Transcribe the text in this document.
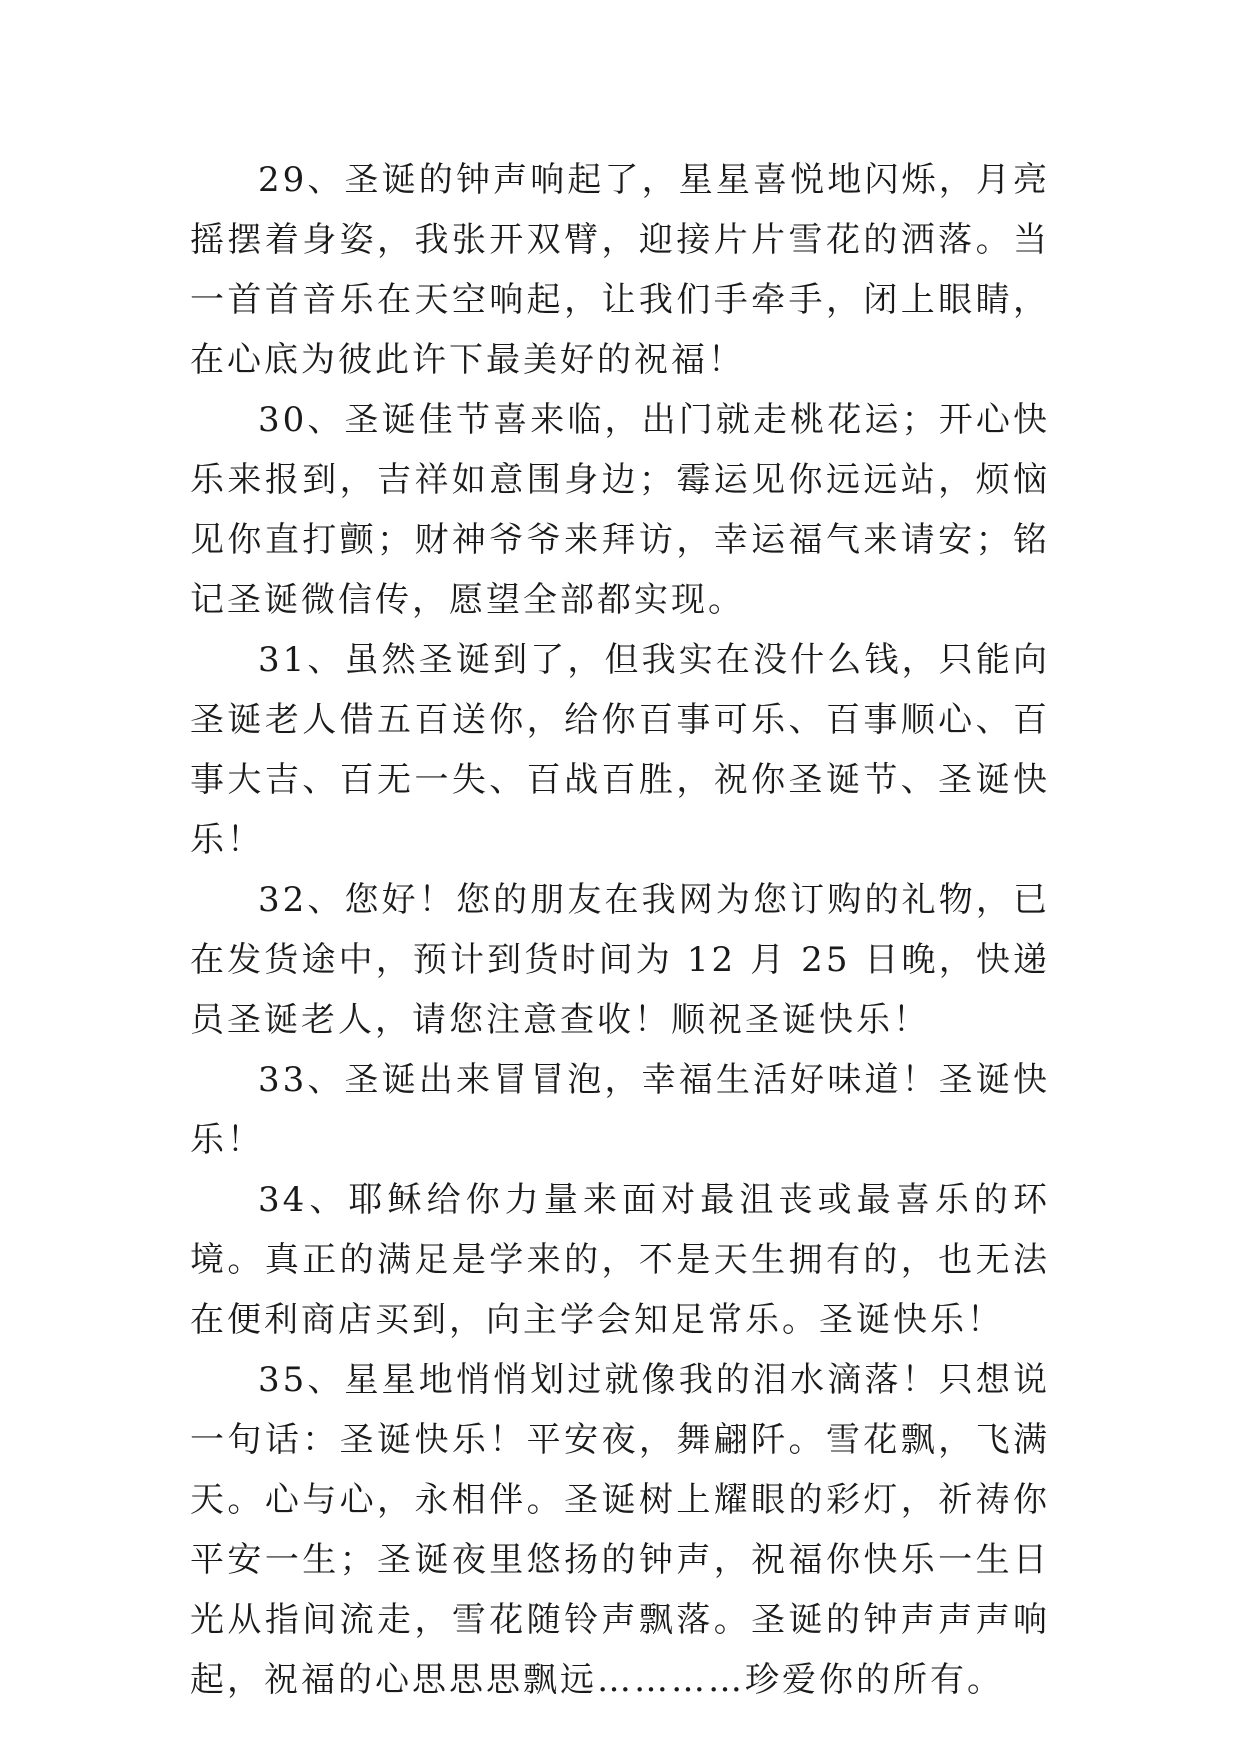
29、圣诞的钟声响起了，星星喜悦地闪烁，月亮摇摆着身姿，我张开双臂，迎接片片雪花的洒落。当一首首音乐在天空响起，让我们手牵手，闭上眼睛，在心底为彼此许下最美好的祝福！

30、圣诞佳节喜来临，出门就走桃花运；开心快乐来报到，吉祥如意围身边；霉运见你远远站，烦恼见你直打颤；财神爷爷来拜访，幸运福气来请安；铭记圣诞微信传，愿望全部都实现。

31、虽然圣诞到了，但我实在没什么钱，只能向圣诞老人借五百送你，给你百事可乐、百事顺心、百事大吉、百无一失、百战百胜，祝你圣诞节、圣诞快乐！

32、您好！您的朋友在我网为您订购的礼物，已在发货途中，预计到货时间为 12 月 25 日晚，快递员圣诞老人，请您注意查收！顺祝圣诞快乐！

33、圣诞出来冒冒泡，幸福生活好味道！圣诞快乐！

34、耶稣给你力量来面对最沮丧或最喜乐的环境。真正的满足是学来的，不是天生拥有的，也无法在便利商店买到，向主学会知足常乐。圣诞快乐！

35、星星地悄悄划过就像我的泪水滴落！只想说一句话：圣诞快乐！平安夜，舞翩阡。雪花飘，飞满天。心与心，永相伴。圣诞树上耀眼的彩灯，祈祷你平安一生；圣诞夜里悠扬的钟声，祝福你快乐一生日光从指间流走，雪花随铃声飘落。圣诞的钟声声声响起，祝福的心思思思飘远…………珍爱你的所有。
